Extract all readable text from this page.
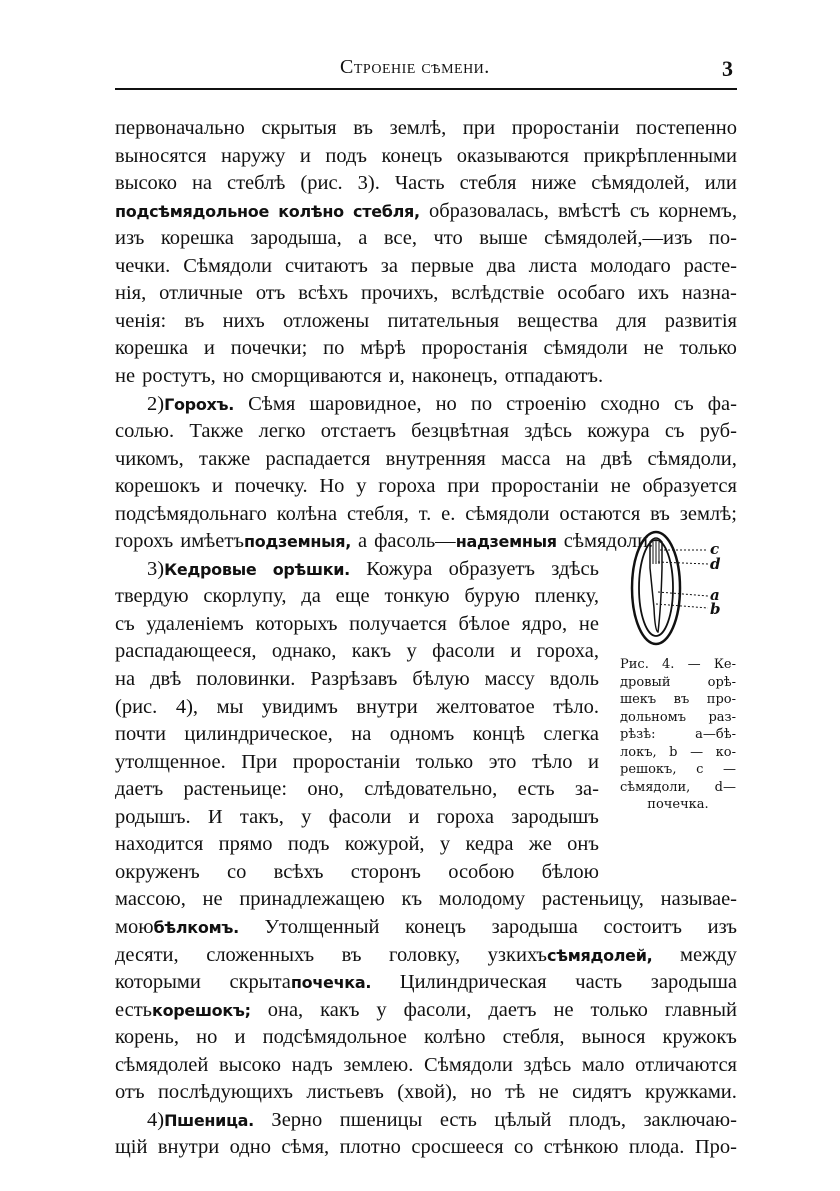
Строеніе сѣмени.	3
первоначально скрытыя въ землѣ, при проростаніи постепенно
выносятся наружу и подъ конецъ оказываются прикрѣпленными
высоко на стеблѣ (рис. 3). Часть стебля ниже сѣмядолей, или
подсѣмядольное колѣно стебля, образовалась, вмѣстѣ съ корнемъ,
изъ корешка зародыша, а все, что выше сѣмядолей,—изъ по-
чечки. Сѣмядоли считаютъ за первые два листа молодаго расте-
нія, отличные отъ всѣхъ прочихъ, вслѣдствіе особаго ихъ назна-
ченія: въ нихъ отложены питательныя вещества для развитія
корешка и почечки; по мѣрѣ проростанія сѣмядоли не только
не ростутъ, но сморщиваются и, наконецъ, отпадаютъ.
2)Горохъ. Сѣмя шаровидное, но по строенію сходно съ фа-
солью. Также легко отстаетъ безцвѣтная здѣсь кожура съ руб-
чикомъ, также распадается внутренняя масса на двѣ сѣмядоли,
корешокъ и почечку. Но у гороха при проростаніи не образуется
подсѣмядольнаго колѣна стебля, т. е. сѣмядоли остаются въ землѣ;
горохъ имѣетъподземныя, а фасоль—надземныя сѣмядоли.
3)Кедровые орѣшки. Кожура образуетъ здѣсь
твердую скорлупу, да еще тонкую бурую пленку,
съ удаленіемъ которыхъ получается бѣлое ядро, не
распадающееся, однако, какъ у фасоли и гороха,
на двѣ половинки. Разрѣзавъ бѣлую массу вдоль
(рис. 4), мы увидимъ внутри желтоватое тѣло.
почти цилиндрическое, на одномъ концѣ слегка
утолщенное. При проростаніи только это тѣло и
даетъ растеньице: оно, слѣдовательно, есть за-
родышъ. И такъ, у фасоли и гороха зародышъ
находится прямо подъ кожурой, у кедра же онъ
окруженъ со всѣхъ сторонъ особою бѣлою
массою, не принадлежащею къ молодому растеньицу, называе-
моюбѣлкомъ. Утолщенный конецъ зародыша состоитъ изъ
десяти, сложенныхъ въ головку, узкихъсѣмядолей, между
которыми скрытапочечка. Цилиндрическая часть зародыша
естькорешокъ; она, какъ у фасоли, даетъ не только главный
корень, но и подсѣмядольное колѣно стебля, вынося кружокъ
сѣмядолей высоко надъ землею. Сѣмядоли здѣсь мало отличаются
отъ послѣдующихъ листьевъ (хвой), но тѣ не сидятъ кружками.
4)Пшеница. Зерно пшеницы есть цѣлый плодъ, заключаю-
щій внутри одно сѣмя, плотно сросшееся со стѣнкою плода. Про-
c
d
a
b
Рис. 4. — Ке-
дровый орѣ-
шекъ въ про-
дольномъ раз-
рѣзѣ: a—бѣ-
локъ, b — ко-
решокъ, c —
сѣмядоли, d—
почечка.
